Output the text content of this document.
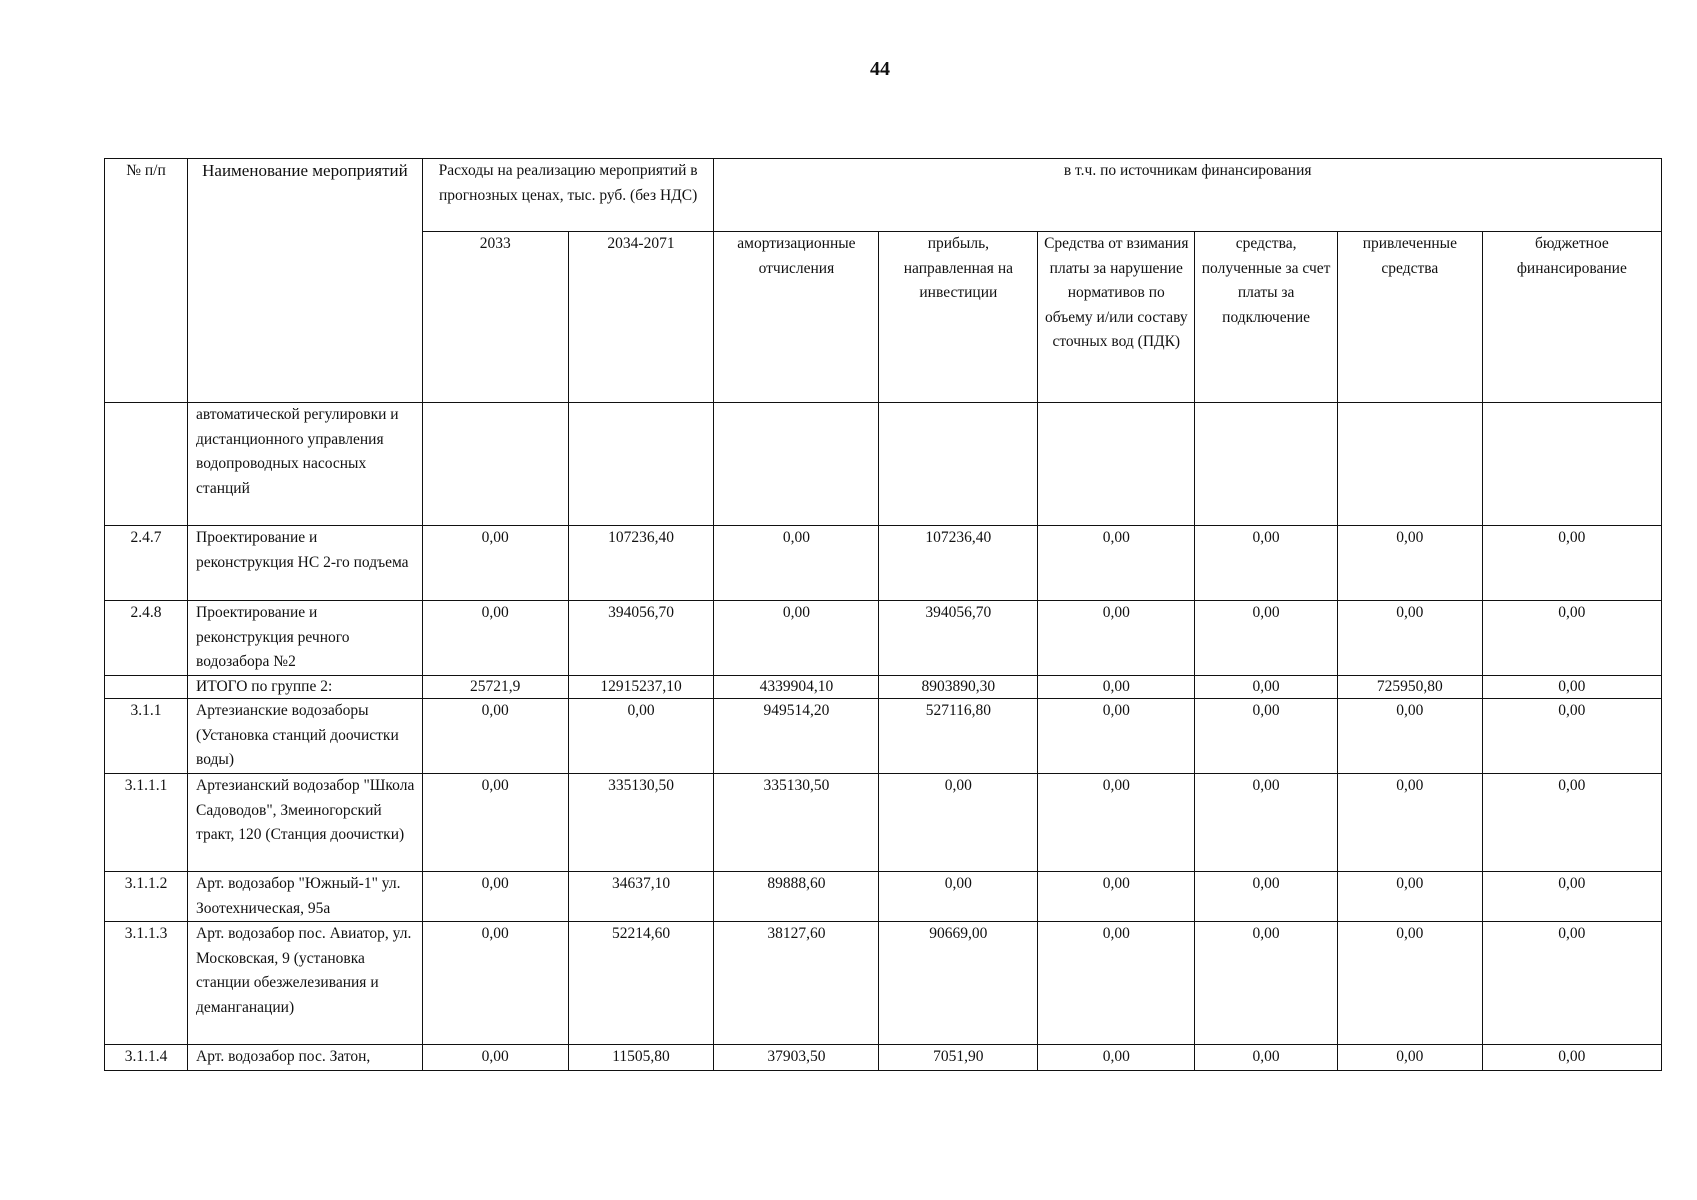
44
№ п/п	Наименование мероприятий	Расходы на реализацию мероприятий в прогнозных ценах, тыс. руб. (без НДС)		в т.ч. по источникам финансирования					
		2033	2034-2071	амортизационные отчисления	прибыль, направленная на инвестиции	Средства от взимания платы за нарушение нормативов по объему и/или составу сточных вод (ПДК)	средства, полученные за счет платы за подключение	привлеченные средства	бюджетное финансирование
	автоматической регулировки и дистанционного управления водопроводных насосных станций								
2.4.7	Проектирование и реконструкция НС 2-го подъема	0,00	107236,40	0,00	107236,40	0,00	0,00	0,00	0,00
2.4.8	Проектирование и реконструкция речного водозабора №2	0,00	394056,70	0,00	394056,70	0,00	0,00	0,00	0,00
	ИТОГО по группе 2:	25721,9	12915237,10	4339904,10	8903890,30	0,00	0,00	725950,80	0,00
3.1.1	Артезианские водозаборы (Установка станций доочистки воды)	0,00	0,00	949514,20	527116,80	0,00	0,00	0,00	0,00
3.1.1.1	Артезианский водозабор "Школа Садоводов", Змеиногорский тракт, 120 (Станция доочистки)	0,00	335130,50	335130,50	0,00	0,00	0,00	0,00	0,00
3.1.1.2	Арт. водозабор "Южный-1" ул. Зоотехническая, 95а	0,00	34637,10	89888,60	0,00	0,00	0,00	0,00	0,00
3.1.1.3	Арт. водозабор пос. Авиатор, ул. Московская, 9 (установка станции обезжелезивания и деманганации)	0,00	52214,60	38127,60	90669,00	0,00	0,00	0,00	0,00
3.1.1.4	Арт. водозабор пос. Затон,	0,00	11505,80	37903,50	7051,90	0,00	0,00	0,00	0,00
